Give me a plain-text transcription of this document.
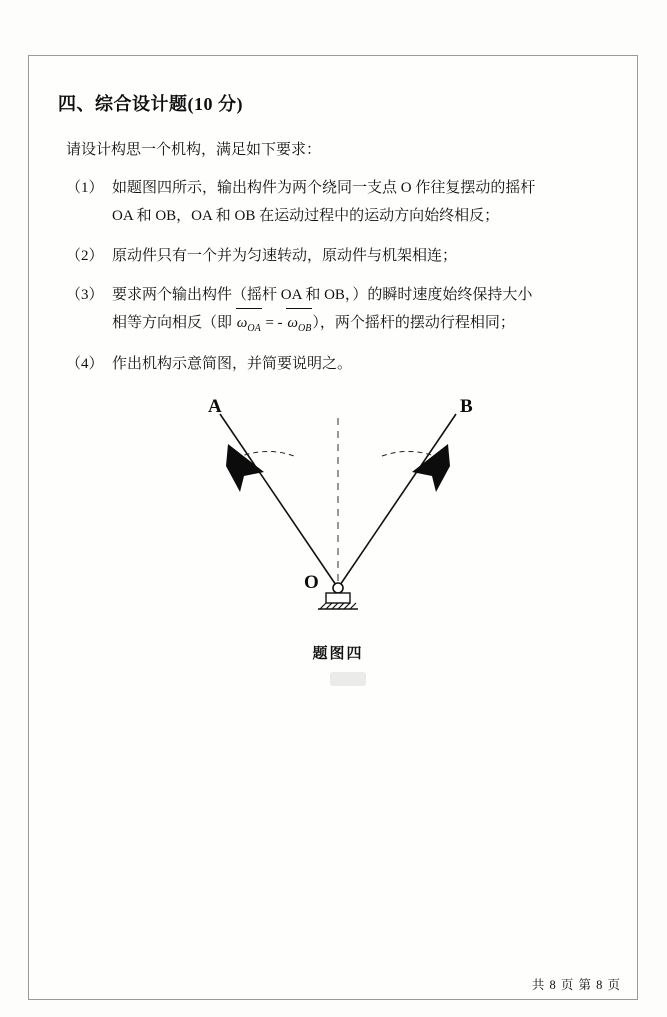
四、综合设计题(10 分)

请设计构思一个机构，满足如下要求：

（1） 如题图四所示，输出构件为两个绕同一支点 O 作往复摆动的摇杆
OA 和 OB，OA 和 OB 在运动过程中的运动方向始终相反；
（2） 原动件只有一个并为匀速转动，原动件与机架相连；
（3） 要求两个输出构件（摇杆 OA 和 OB，）的瞬时速度始终保持大小
相等方向相反（即 $\omega_{OA}$ = - $\omega_{OB}$），两个摇杆的摆动行程相同；
（4） 作出机构示意简图，并简要说明之。
A	B
O
题图四
共 8 页 第 8 页
